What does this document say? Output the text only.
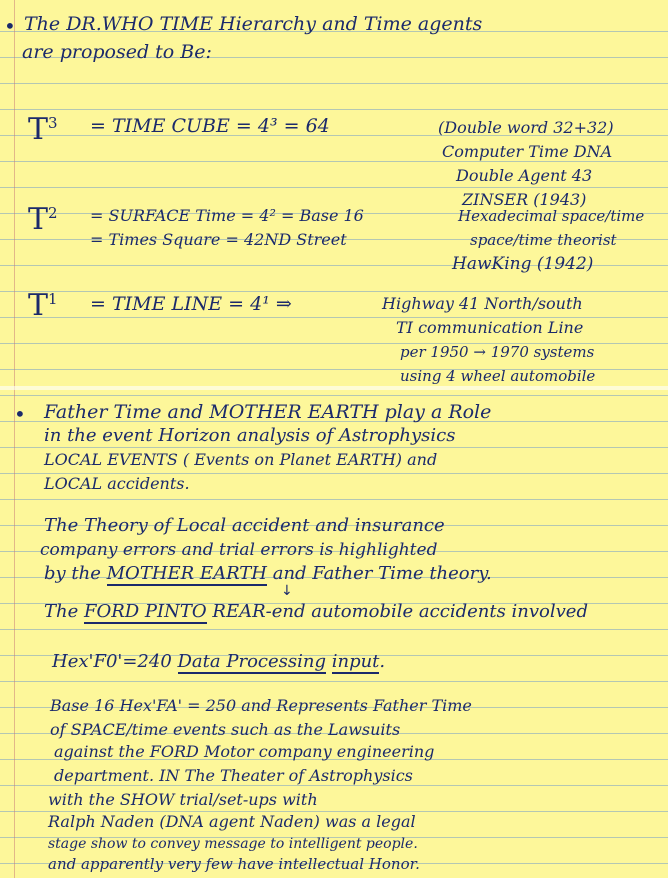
• The DR.WHO TIME Hierarchy and Time agents
are proposed to Be:
$T^3$ = TIME CUBE = 4³ = 64	(Double word 32+32)
Computer Time DNA
Double Agent 43
ZINSER (1943)
$T^2$ = SURFACE Time = 4² = Base 16	Hexadecimal space/time
= Times Square = 42ND Street	space/time theorist
HawKing (1942)
$T^1$ = TIME LINE = 4¹ ⇒	Highway 41 North/south
TI communication Line
per 1950 → 1970 systems
using 4 wheel automobile
• Father Time and MOTHER EARTH play a Role
in the event Horizon analysis of Astrophysics
LOCAL EVENTS ( Events on Planet EARTH) and
LOCAL accidents.
The Theory of Local accident and insurance
company errors and trial errors is highlighted
by the MOTHER EARTH and Father Time theory.
↓
The FORD PINTO REAR-end automobile accidents involved
Hex'F0'=240 Data Processing input.
Base 16 Hex'FA' = 250 and Represents Father Time
of SPACE/time events such as the Lawsuits
against the FORD Motor company engineering
department. IN The Theater of Astrophysics
with the SHOW trial/set-ups with
Ralph Naden (DNA agent Naden) was a legal
stage show to convey message to intelligent people.
and apparently very few have intellectual Honor.
